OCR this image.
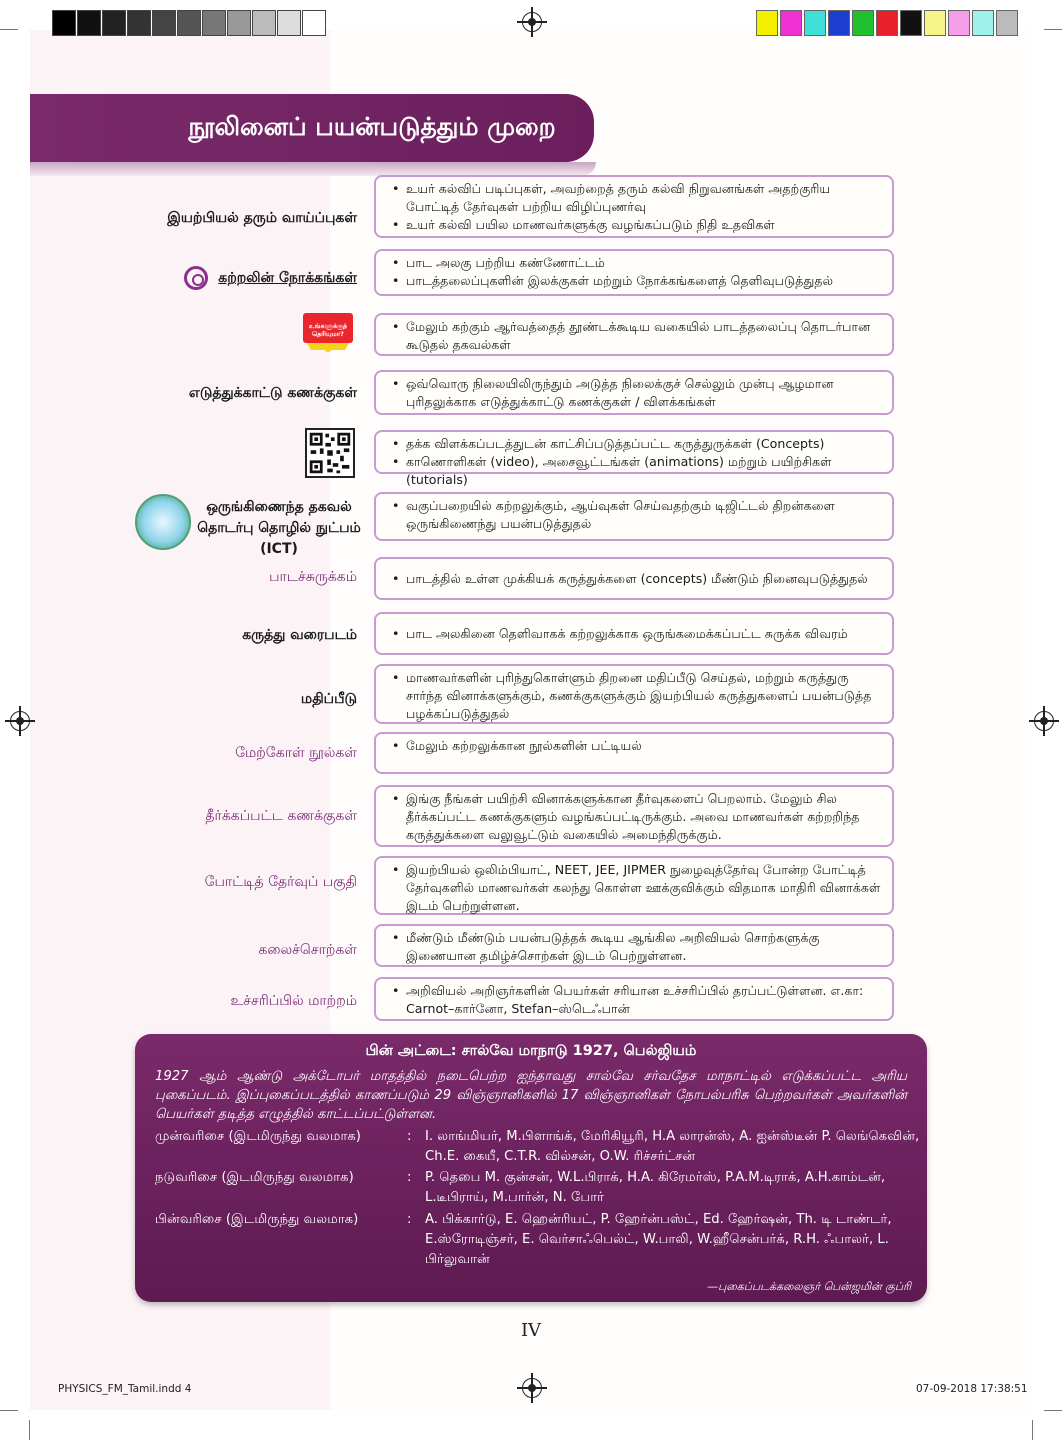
நூலினைப் பயன்படுத்தும் முறை
இயற்பியல் தரும் வாய்ப்புகள்
• உயர் கல்விப் படிப்புகள், அவற்றைத் தரும் கல்வி நிறுவனங்கள் அதற்குரிய போட்டித் தேர்வுகள் பற்றிய விழிப்புணர்வு
• உயர் கல்வி பயில மாணவர்களுக்கு வழங்கப்படும் நிதி உதவிகள்
கற்றலின் நோக்கங்கள்
• பாட அலகு பற்றிய கண்ணோட்டம்
• பாடத்தலைப்புகளின் இலக்குகள் மற்றும் நோக்கங்களைத் தெளிவுபடுத்துதல்
உங்களுக்குத் தெரியுமா?	• மேலும் கற்கும் ஆர்வத்தைத் தூண்டக்கூடிய வகையில் பாடத்தலைப்பு தொடர்பான கூடுதல் தகவல்கள்
எடுத்துக்காட்டு கணக்குகள்
• ஒவ்வொரு நிலையிலிருந்தும் அடுத்த நிலைக்குச் செல்லும் முன்பு ஆழமான புரிதலுக்காக எடுத்துக்காட்டு கணக்குகள் / விளக்கங்கள்
• தக்க விளக்கப்படத்துடன் காட்சிப்படுத்தப்பட்ட கருத்துருக்கள் (Concepts)
• காணொளிகள் (video), அசைவூட்டங்கள் (animations) மற்றும் பயிற்சிகள் (tutorials)
ஒருங்கிணைந்த தகவல் தொடர்பு தொழில் நுட்பம் (ICT)
• வகுப்பறையில் கற்றலுக்கும், ஆய்வுகள் செய்வதற்கும் டிஜிட்டல் திறன்களை ஒருங்கிணைந்து பயன்படுத்துதல்
பாடச்சுருக்கம்	• பாடத்தில் உள்ள முக்கியக் கருத்துக்களை (concepts) மீண்டும் நினைவுபடுத்துதல்
கருத்து வரைபடம்	• பாட அலகினை தெளிவாகக் கற்றலுக்காக ஒருங்கமைக்கப்பட்ட சுருக்க விவரம்
மதிப்பீடு
• மாணவர்களின் புரிந்துகொள்ளும் திறனை மதிப்பீடு செய்தல், மற்றும் கருத்துரு சார்ந்த வினாக்களுக்கும், கணக்குகளுக்கும் இயற்பியல் கருத்துகளைப் பயன்படுத்த பழக்கப்படுத்துதல்
மேற்கோள் நூல்கள்	• மேலும் கற்றலுக்கான நூல்களின் பட்டியல்
தீர்க்கப்பட்ட கணக்குகள்
• இங்கு நீங்கள் பயிற்சி வினாக்களுக்கான தீர்வுகளைப் பெறலாம். மேலும் சில தீர்க்கப்பட்ட கணக்குகளும் வழங்கப்பட்டிருக்கும். அவை மாணவர்கள் கற்றறிந்த கருத்துக்களை வலுவூட்டும் வகையில் அமைந்திருக்கும்.
போட்டித் தேர்வுப் பகுதி
• இயற்பியல் ஒலிம்பியாட், NEET, JEE, JIPMER நுழைவுத்தேர்வு போன்ற போட்டித் தேர்வுகளில் மாணவர்கள் கலந்து கொள்ள ஊக்குவிக்கும் விதமாக மாதிரி வினாக்கள் இடம் பெற்றுள்ளன.
கலைச்சொற்கள்
• மீண்டும் மீண்டும் பயன்படுத்தக் கூடிய ஆங்கில அறிவியல் சொற்களுக்கு இணையான தமிழ்ச்சொற்கள் இடம் பெற்றுள்ளன.
உச்சரிப்பில் மாற்றம்
• அறிவியல் அறிஞர்களின் பெயர்கள் சரியான உச்சரிப்பில் தரப்பட்டுள்ளன. எ.கா: Carnot–கார்னோ, Stefan–ஸ்டெஃபான்
பின் அட்டை: சால்வே மாநாடு 1927, பெல்ஜியம்
1927 ஆம் ஆண்டு அக்டோபர் மாதத்தில் நடைபெற்ற ஐந்தாவது சால்வே சர்வதேச மாநாட்டில் எடுக்கப்பட்ட அரிய புகைப்படம். இப்புகைப்படத்தில் காணப்படும் 29 விஞ்ஞானிகளில் 17 விஞ்ஞானிகள் நோபல்பரிசு பெற்றவர்கள் அவர்களின் பெயர்கள் தடித்த எழுத்தில் காட்டப்பட்டுள்ளன.
முன்வரிசை (இடமிருந்து வலமாக)	: I. லாங்மியர், M.பிளாங்க், மேரிகியூரி, H.A லாரன்ஸ், A. ஐன்ஸ்டீன் P. லெங்கெவின், Ch.E. கையீ, C.T.R. வில்சன், O.W. ரிச்சர்ட்சன்
நடுவரிசை (இடமிருந்து வலமாக)	: P. தெபை M. குன்சன், W.L.பிராக், H.A. கிரேமர்ஸ், P.A.M.டிராக், A.H.காம்டன், L.டீபிராய், M.பார்ன், N. போர்
பின்வரிசை (இடமிருந்து வலமாக)	: A. பிக்கார்டு, E. ஹென்ரியட், P. ஹேர்ன்பஸ்ட், Ed. ஹேர்ஷன், Th. டி டாண்டர், E.ஸ்ரோடிஞ்சர், E. வெர்சாஃபெல்ட், W.பாலி, W.ஹீசென்பர்க், R.H. ஃபாலர், L. பிர்லுவான்
—புகைப்படக்கலைஞர் பென்ஜமின் குப்ரி
IV
PHYSICS_FM_Tamil.indd 4	07-09-2018 17:38:51
